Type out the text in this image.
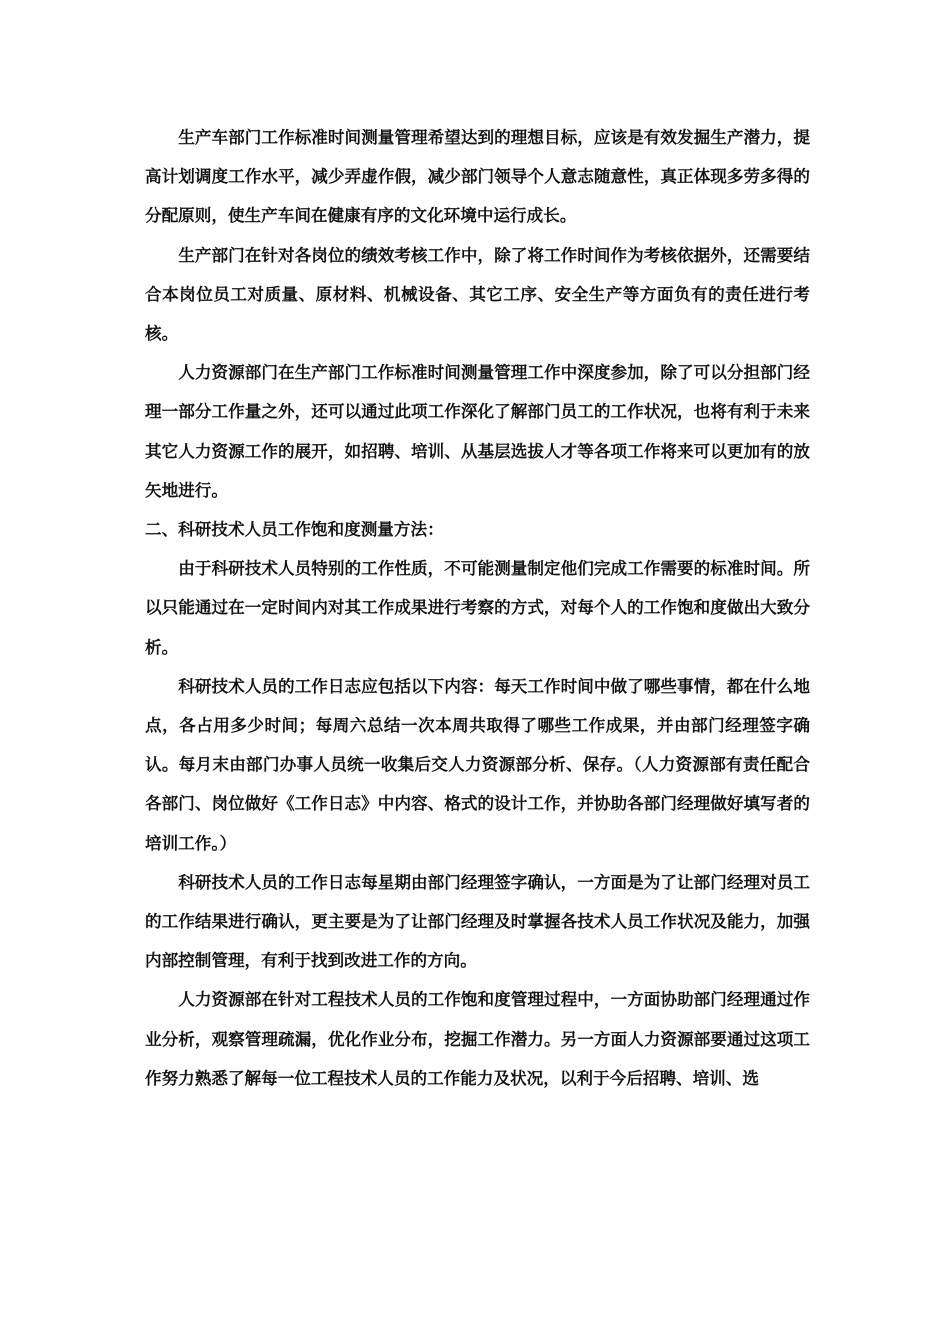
生产车部门工作标准时间测量管理希望达到的理想目标，应该是有效发掘生产潜力，提高计划调度工作水平，减少弄虚作假，减少部门领导个人意志随意性，真正体现多劳多得的分配原则，使生产车间在健康有序的文化环境中运行成长。

生产部门在针对各岗位的绩效考核工作中，除了将工作时间作为考核依据外，还需要结合本岗位员工对质量、原材料、机械设备、其它工序、安全生产等方面负有的责任进行考核。

人力资源部门在生产部门工作标准时间测量管理工作中深度参加，除了可以分担部门经理一部分工作量之外，还可以通过此项工作深化了解部门员工的工作状况，也将有利于未来其它人力资源工作的展开，如招聘、培训、从基层选拔人才等各项工作将来可以更加有的放矢地进行。

二、科研技术人员工作饱和度测量方法：

由于科研技术人员特别的工作性质，不可能测量制定他们完成工作需要的标准时间。所以只能通过在一定时间内对其工作成果进行考察的方式，对每个人的工作饱和度做出大致分析。

科研技术人员的工作日志应包括以下内容：每天工作时间中做了哪些事情，都在什么地点，各占用多少时间；每周六总结一次本周共取得了哪些工作成果，并由部门经理签字确认。每月末由部门办事人员统一收集后交人力资源部分析、保存。（人力资源部有责任配合各部门、岗位做好《工作日志》中内容、格式的设计工作，并协助各部门经理做好填写者的培训工作。）

科研技术人员的工作日志每星期由部门经理签字确认，一方面是为了让部门经理对员工的工作结果进行确认，更主要是为了让部门经理及时掌握各技术人员工作状况及能力，加强内部控制管理，有利于找到改进工作的方向。

人力资源部在针对工程技术人员的工作饱和度管理过程中，一方面协助部门经理通过作业分析，观察管理疏漏，优化作业分布，挖掘工作潜力。另一方面人力资源部要通过这项工作努力熟悉了解每一位工程技术人员的工作能力及状况，以利于今后招聘、培训、选
